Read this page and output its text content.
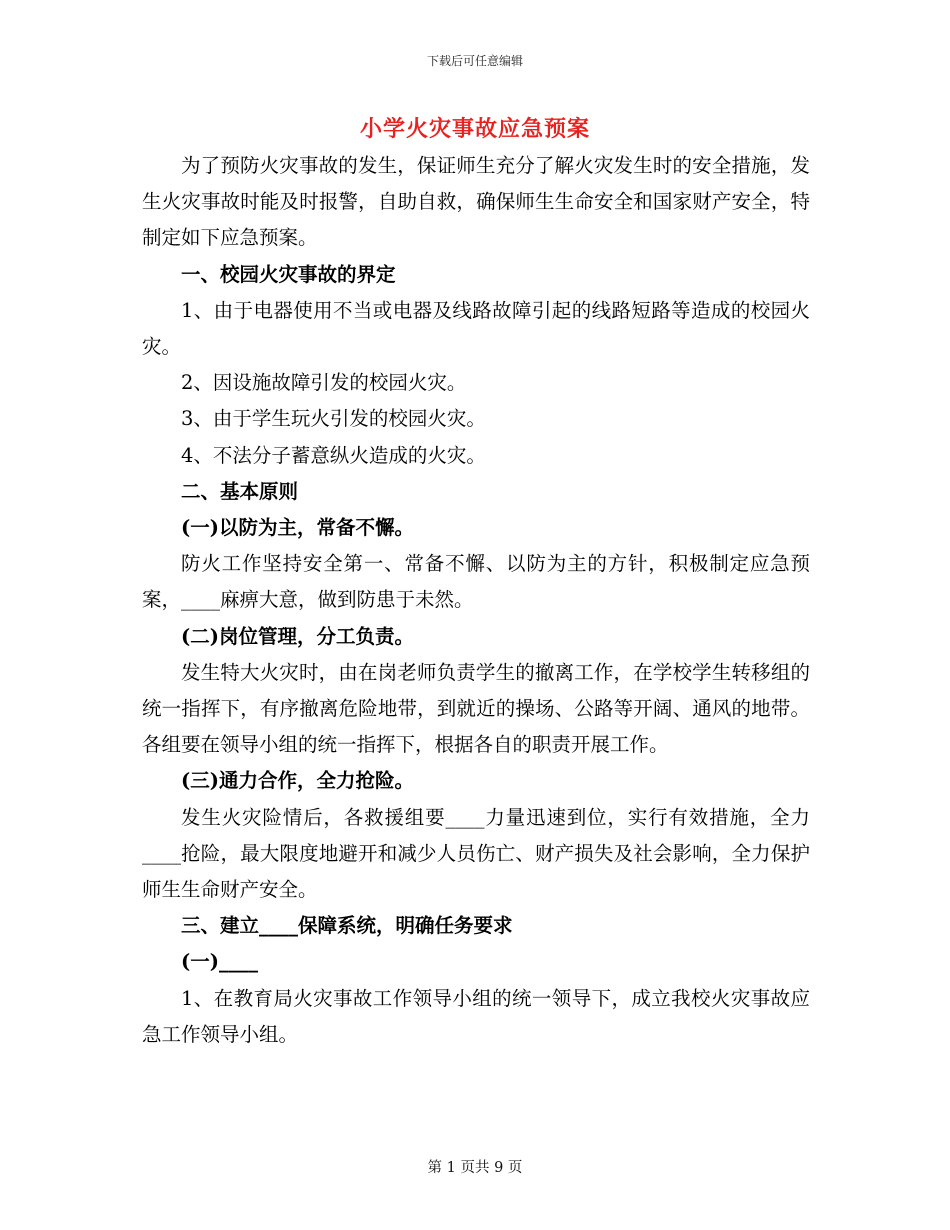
下载后可任意编辑
小学火灾事故应急预案

为了预防火灾事故的发生，保证师生充分了解火灾发生时的安全措施，发生火灾事故时能及时报警，自助自救，确保师生生命安全和国家财产安全，特制定如下应急预案。

一、校园火灾事故的界定

1、由于电器使用不当或电器及线路故障引起的线路短路等造成的校园火灾。

2、因设施故障引发的校园火灾。

3、由于学生玩火引发的校园火灾。

4、不法分子蓄意纵火造成的火灾。

二、基本原则

(一)以防为主，常备不懈。

防火工作坚持安全第一、常备不懈、以防为主的方针，积极制定应急预案，____麻痹大意，做到防患于未然。

(二)岗位管理，分工负责。

发生特大火灾时，由在岗老师负责学生的撤离工作，在学校学生转移组的统一指挥下，有序撤离危险地带，到就近的操场、公路等开阔、通风的地带。各组要在领导小组的统一指挥下，根据各自的职责开展工作。

(三)通力合作，全力抢险。

发生火灾险情后，各救援组要____力量迅速到位，实行有效措施，全力____抢险，最大限度地避开和减少人员伤亡、财产损失及社会影响，全力保护师生生命财产安全。

三、建立____保障系统，明确任务要求

(一)____

1、在教育局火灾事故工作领导小组的统一领导下，成立我校火灾事故应急工作领导小组。

第 1 页共 9 页
